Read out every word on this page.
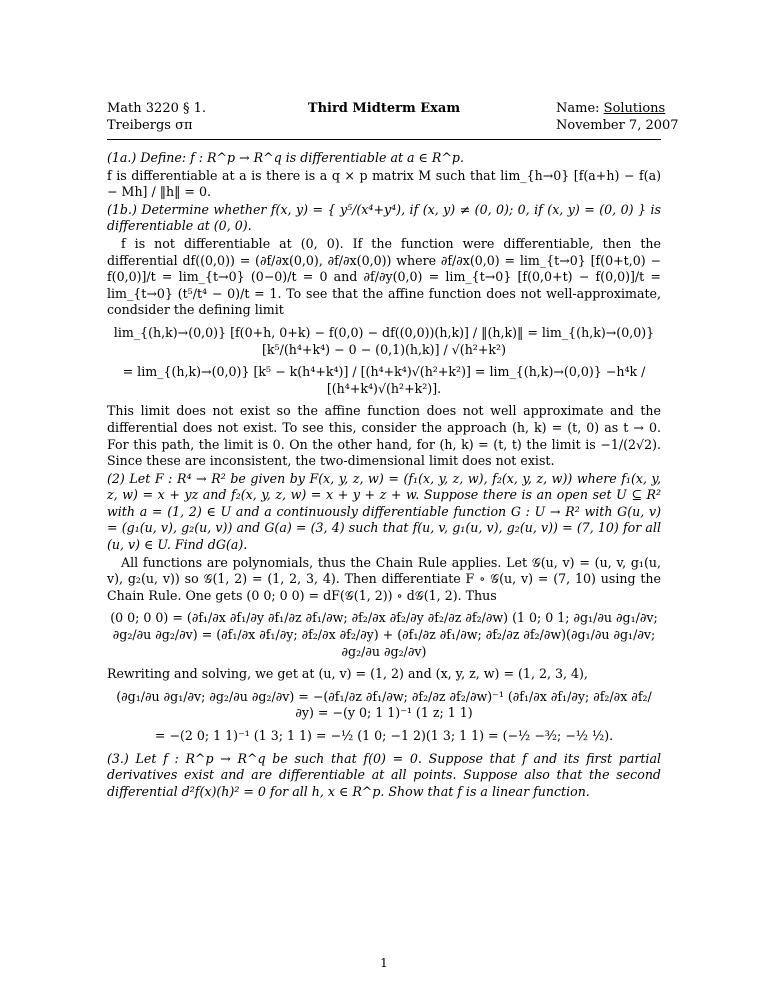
Math 3220 § 1.
Treibergs σπ
Third Midterm Exam	Name: Solutions
November 7, 2007

(1a.) Define: f : R^p → R^q is differentiable at a ∈ R^p.

f is differentiable at a is there is a q × p matrix M such that lim_{h→0} [f(a+h) − f(a) − Mh] / ‖h‖ = 0.

(1b.) Determine whether f(x, y) = { y⁵/(x⁴+y⁴), if (x, y) ≠ (0, 0); 0, if (x, y) = (0, 0) } is differentiable at (0, 0).

f is not differentiable at (0, 0). If the function were differentiable, then the differential df((0,0)) = (∂f/∂x(0,0), ∂f/∂x(0,0)) where ∂f/∂x(0,0) = lim_{t→0} [f(0+t,0) − f(0,0)]/t = lim_{t→0} (0−0)/t = 0 and ∂f/∂y(0,0) = lim_{t→0} [f(0,0+t) − f(0,0)]/t = lim_{t→0} (t⁵/t⁴ − 0)/t = 1. To see that the affine function does not well-approximate, condsider the defining limit

lim_{(h,k)→(0,0)} [f(0+h, 0+k) − f(0,0) − df((0,0))(h,k)] / ‖(h,k)‖ = lim_{(h,k)→(0,0)} [k⁵/(h⁴+k⁴) − 0 − (0,1)(h,k)] / √(h²+k²)
= lim_{(h,k)→(0,0)} [k⁵ − k(h⁴+k⁴)] / [(h⁴+k⁴)√(h²+k²)] = lim_{(h,k)→(0,0)} −h⁴k / [(h⁴+k⁴)√(h²+k²)].

This limit does not exist so the affine function does not well approximate and the differential does not exist. To see this, consider the approach (h, k) = (t, 0) as t → 0. For this path, the limit is 0. On the other hand, for (h, k) = (t, t) the limit is −1/(2√2). Since these are inconsistent, the two-dimensional limit does not exist.

(2) Let F : R⁴ → R² be given by F(x, y, z, w) = (f₁(x, y, z, w), f₂(x, y, z, w)) where f₁(x, y, z, w) = x + yz and f₂(x, y, z, w) = x + y + z + w. Suppose there is an open set U ⊆ R² with a = (1, 2) ∈ U and a continuously differentiable function G : U → R² with G(u, v) = (g₁(u, v), g₂(u, v)) and G(a) = (3, 4) such that f(u, v, g₁(u, v), g₂(u, v)) = (7, 10) for all (u, v) ∈ U. Find dG(a).

All functions are polynomials, thus the Chain Rule applies. Let 𝒢(u, v) = (u, v, g₁(u, v), g₂(u, v)) so 𝒢(1, 2) = (1, 2, 3, 4). Then differentiate F ∘ 𝒢(u, v) = (7, 10) using the Chain Rule. One gets (0 0; 0 0) = dF(𝒢(1, 2)) ∘ d𝒢(1, 2). Thus

(0 0; 0 0) = (∂f₁/∂x ∂f₁/∂y ∂f₁/∂z ∂f₁/∂w; ∂f₂/∂x ∂f₂/∂y ∂f₂/∂z ∂f₂/∂w) (1 0; 0 1; ∂g₁/∂u ∂g₁/∂v; ∂g₂/∂u ∂g₂/∂v) = (∂f₁/∂x ∂f₁/∂y; ∂f₂/∂x ∂f₂/∂y) + (∂f₁/∂z ∂f₁/∂w; ∂f₂/∂z ∂f₂/∂w)(∂g₁/∂u ∂g₁/∂v; ∂g₂/∂u ∂g₂/∂v)

Rewriting and solving, we get at (u, v) = (1, 2) and (x, y, z, w) = (1, 2, 3, 4),

(∂g₁/∂u ∂g₁/∂v; ∂g₂/∂u ∂g₂/∂v) = −(∂f₁/∂z ∂f₁/∂w; ∂f₂/∂z ∂f₂/∂w)⁻¹ (∂f₁/∂x ∂f₁/∂y; ∂f₂/∂x ∂f₂/∂y) = −(y 0; 1 1)⁻¹ (1 z; 1 1)
= −(2 0; 1 1)⁻¹ (1 3; 1 1) = −½ (1 0; −1 2)(1 3; 1 1) = (−½ −³⁄₂; −½ ½).

(3.) Let f : R^p → R^q be such that f(0) = 0. Suppose that f and its first partial derivatives exist and are differentiable at all points. Suppose also that the second differential d²f(x)(h)² = 0 for all h, x ∈ R^p. Show that f is a linear function.

1
